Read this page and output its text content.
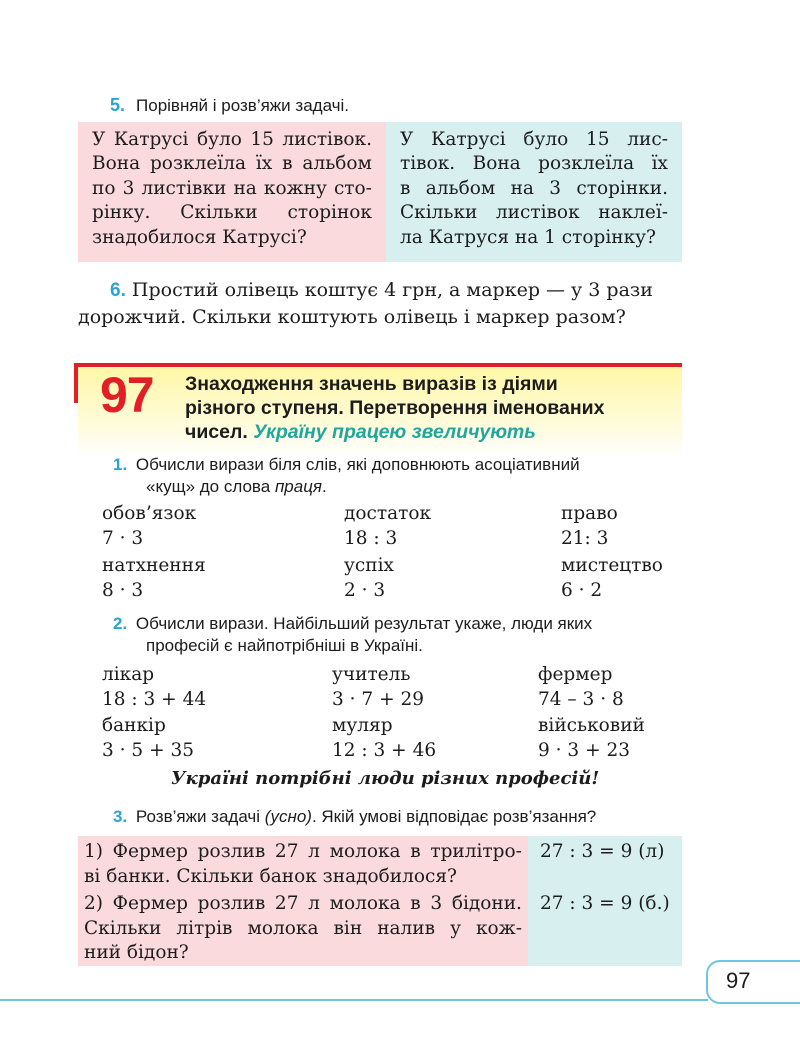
5. Порівняй і розв’яжи задачі.
У Катрусі було 15 листівок.
Вона розклеїла їх в альбом
по 3 листівки на кожну сто-
рінку. Скільки сторінок
знадобилося Катрусі?
У Катрусі було 15 лис-
тівок. Вона розклеїла їх
в альбом на 3 сторінки.
Скільки листівок наклеї-
ла Катруся на 1 сторінку?
6. Простий олівець коштує 4 грн, а маркер — у 3 рази
дорожчий. Скільки коштують олівець і маркер разом?
97 Знаходження значень виразів із діями
різного ступеня. Перетворення іменованих
чисел. Україну працею звеличують
1. Обчисли вирази біля слів, які доповнюють асоціативний
«кущ» до слова праця.
обов’язок
7 · 3
достаток
18 : 3
право
21: 3
натхнення
8 · 3
успіх
2 · 3
мистецтво
6 · 2
2. Обчисли вирази. Найбільший результат укаже, люди яких
професій є найпотрібніші в Україні.
лікар
18 : 3 + 44
учитель
3 · 7 + 29
фермер
74 – 3 · 8
банкір
3 · 5 + 35
муляр
12 : 3 + 46
військовий
9 · 3 + 23
Україні потрібні люди різних професій!
3. Розв’яжи задачі (усно). Якій умові відповідає розв’язання?
1) Фермер розлив 27 л молока в трилітро-
ві банки. Скільки банок знадобилося?
2) Фермер розлив 27 л молока в 3 бідони.
Скільки літрів молока він налив у кож-
ний бідон?
27 : 3 = 9 (л)
27 : 3 = 9 (б.)
97
